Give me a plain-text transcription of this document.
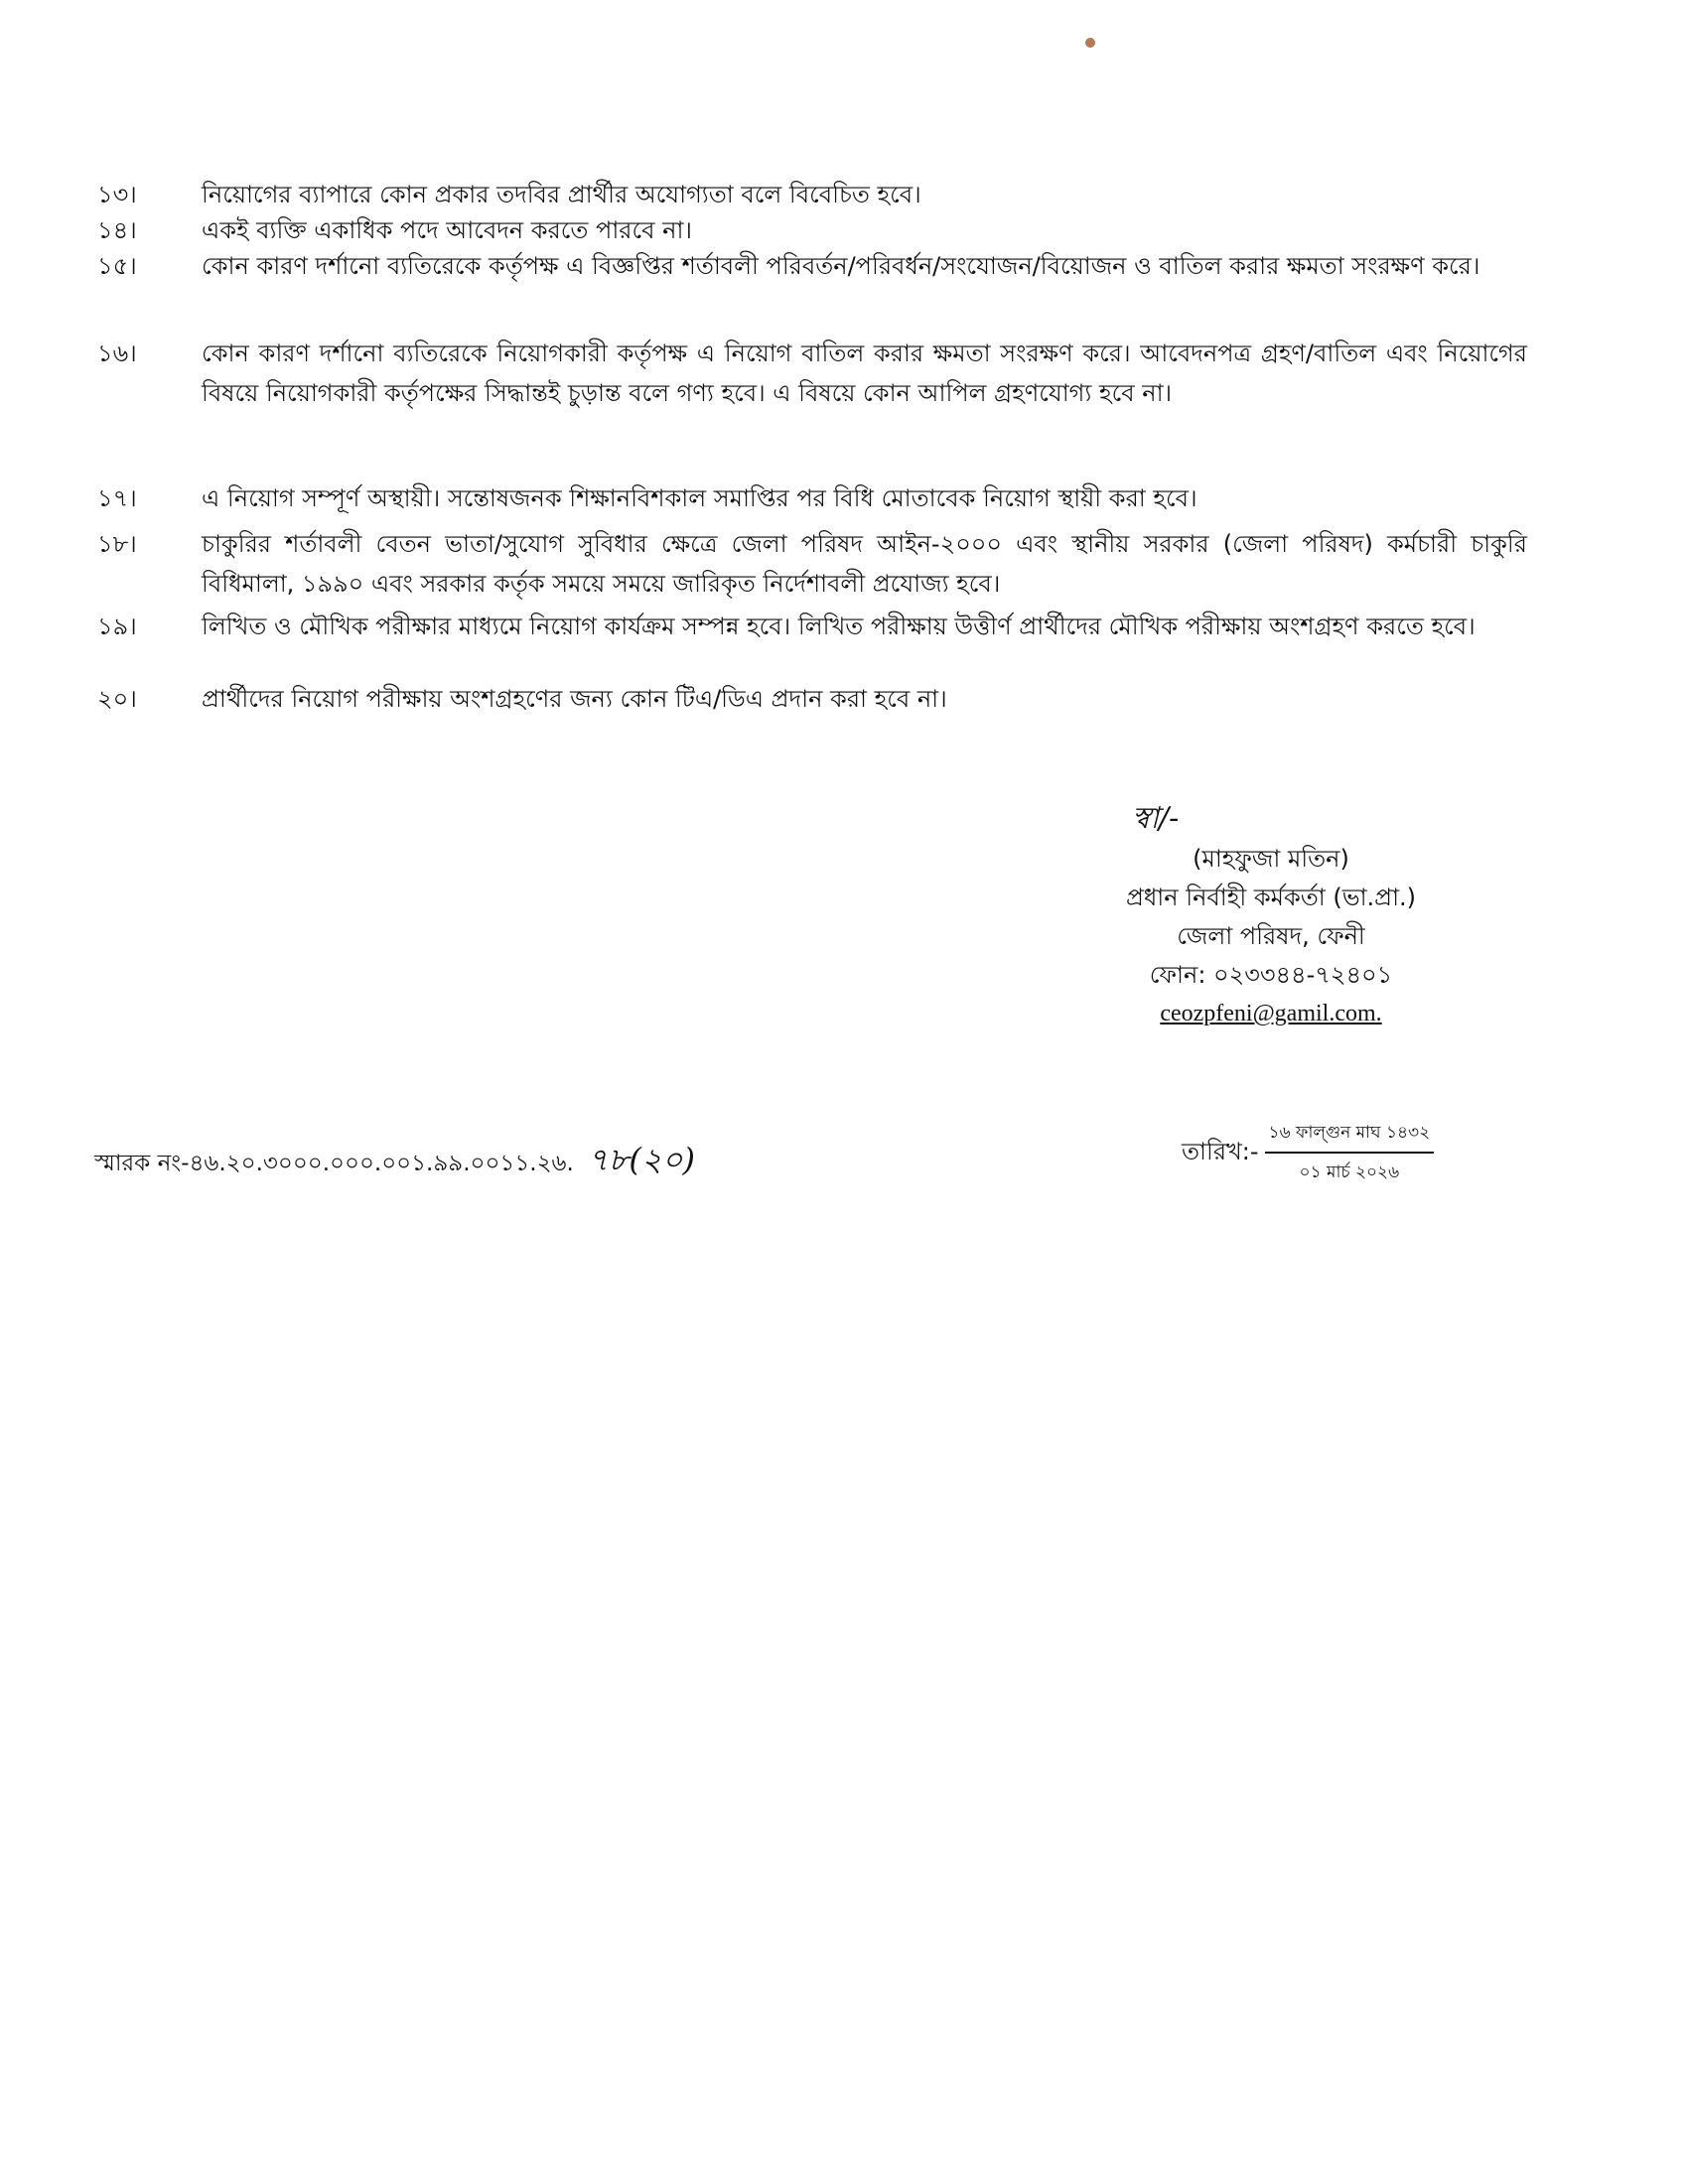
১৩।	নিয়োগের ব্যাপারে কোন প্রকার তদবির প্রার্থীর অযোগ্যতা বলে বিবেচিত হবে।
১৪।	একই ব্যক্তি একাধিক পদে আবেদন করতে পারবে না।
১৫।	কোন কারণ দর্শানো ব্যতিরেকে কর্তৃপক্ষ এ বিজ্ঞপ্তির শর্তাবলী পরিবর্তন/পরিবর্ধন/সংযোজন/বিয়োজন ও বাতিল করার ক্ষমতা সংরক্ষণ করে।
১৬।	কোন কারণ দর্শানো ব্যতিরেকে নিয়োগকারী কর্তৃপক্ষ এ নিয়োগ বাতিল করার ক্ষমতা সংরক্ষণ করে। আবেদনপত্র গ্রহণ/বাতিল এবং নিয়োগের বিষয়ে নিয়োগকারী কর্তৃপক্ষের সিদ্ধান্তই চুড়ান্ত বলে গণ্য হবে। এ বিষয়ে কোন আপিল গ্রহণযোগ্য হবে না।
১৭।	এ নিয়োগ সম্পূর্ণ অস্থায়ী। সন্তোষজনক শিক্ষানবিশকাল সমাপ্তির পর বিধি মোতাবেক নিয়োগ স্থায়ী করা হবে।
১৮।	চাকুরির শর্তাবলী বেতন ভাতা/সুযোগ সুবিধার ক্ষেত্রে জেলা পরিষদ আইন-২০০০ এবং স্থানীয় সরকার (জেলা পরিষদ) কর্মচারী চাকুরি বিধিমালা, ১৯৯০ এবং সরকার কর্তৃক সময়ে সময়ে জারিকৃত নির্দেশাবলী প্রযোজ্য হবে।
১৯।	লিখিত ও মৌখিক পরীক্ষার মাধ্যমে নিয়োগ কার্যক্রম সম্পন্ন হবে। লিখিত পরীক্ষায় উত্তীর্ণ প্রার্থীদের মৌখিক পরীক্ষায় অংশগ্রহণ করতে হবে।
২০।	প্রার্থীদের নিয়োগ পরীক্ষায় অংশগ্রহণের জন্য কোন টিএ/ডিএ প্রদান করা হবে না।
স্বা/-
(মাহফুজা মতিন)
প্রধান নির্বাহী কর্মকর্তা (ভা.প্রা.)
জেলা পরিষদ, ফেনী
ফোন: ০২৩৩৪৪-৭২৪০১
ceozpfeni@gamil.com.
স্মারক নং-৪৬.২০.৩০০০.০০০.০০১.৯৯.০০১১.২৬. ৭৮(২০)	তারিখ:- $\frac{\text{১৬ ফাল্গুন মাঘ ১৪৩২}}{\text{০১ মার্চ ২০২৬}}$
